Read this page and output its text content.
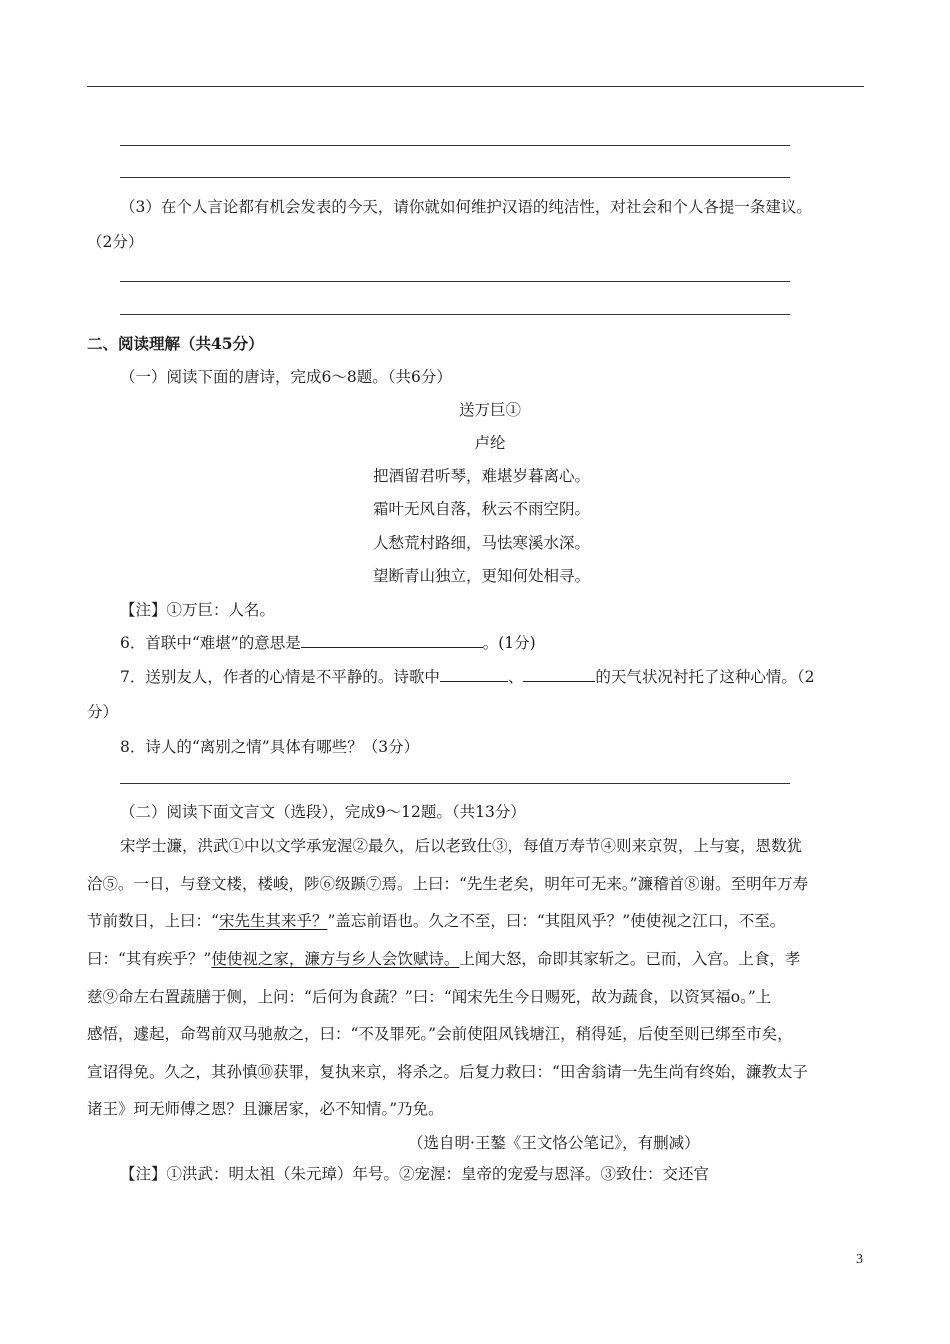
（3）在个人言论都有机会发表的今天，请你就如何维护汉语的纯洁性，对社会和个人各提一条建议。
（2分）
二、阅读理解（共45分）
（一）阅读下面的唐诗，完成6～8题。（共6分）
送万巨①
卢纶
把酒留君听琴，难堪岁暮离心。
霜叶无风自落，秋云不雨空阴。
人愁荒村路细，马怯寒溪水深。
望断青山独立，更知何处相寻。
【注】①万巨：人名。
6．首联中“难堪”的意思是	。(1分)
7．送别友人，作者的心情是不平静的。诗歌中	、	的天气状况衬托了这种心情。（2
分）
8．诗人的“离别之情”具体有哪些？（3分）
（二）阅读下面文言文（选段），完成9～12题。（共13分）
宋学士濂，洪武①中以文学承宠渥②最久，后以老致仕③，每值万寿节④则来京贺，上与宴，恩数犹
洽⑤。一日，与登文楼，楼峻，陟⑥级踬⑦焉。上曰：“先生老矣，明年可无来。”濂稽首⑧谢。至明年万寿
节前数日，上曰：“宋先生其来乎？”盖忘前语也。久之不至，曰：“其阻风乎？”使使视之江口，不至。
曰：“其有疾乎？”使使视之家，濂方与乡人会饮赋诗。上闻大怒，命即其家斩之。已而，入宫。上食，孝
慈⑨命左右置蔬膳于侧，上问：“后何为食蔬？”曰：“闻宋先生今日赐死，故为蔬食，以资冥福o。”上
感悟，遽起，命驾前双马驰赦之，曰：“不及罪死。”会前使阻风钱塘江，稍得延，后使至则已绑至市矣，
宣诏得免。久之，其孙慎⑩获罪，复执来京，将杀之。后复力救曰：“田舍翁请一先生尚有终始，濂教太子
诸王》珂无师傅之恩？且濂居家，必不知情。”乃免。
（选自明·王鏊《王文恪公笔记》，有删减）
【注】①洪武：明太祖（朱元璋）年号。②宠渥：皇帝的宠爱与恩泽。③致仕：交还官
3
